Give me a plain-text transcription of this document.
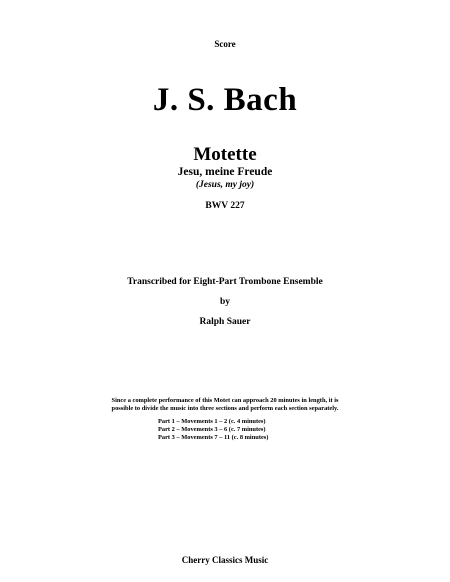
Score
J. S. Bach
Motette
Jesu, meine Freude
(Jesus, my joy)
BWV 227
Transcribed for Eight-Part Trombone Ensemble
by
Ralph Sauer
Since a complete performance of this Motet can approach 20 minutes in length, it is
possible to divide the music into three sections and perform each section separately.
Part 1 – Movements 1 – 2 (c. 4 minutes)
Part 2 – Movements 3 – 6 (c. 7 minutes)
Part 3 – Movements 7 – 11 (c. 8 minutes)
Cherry Classics Music
